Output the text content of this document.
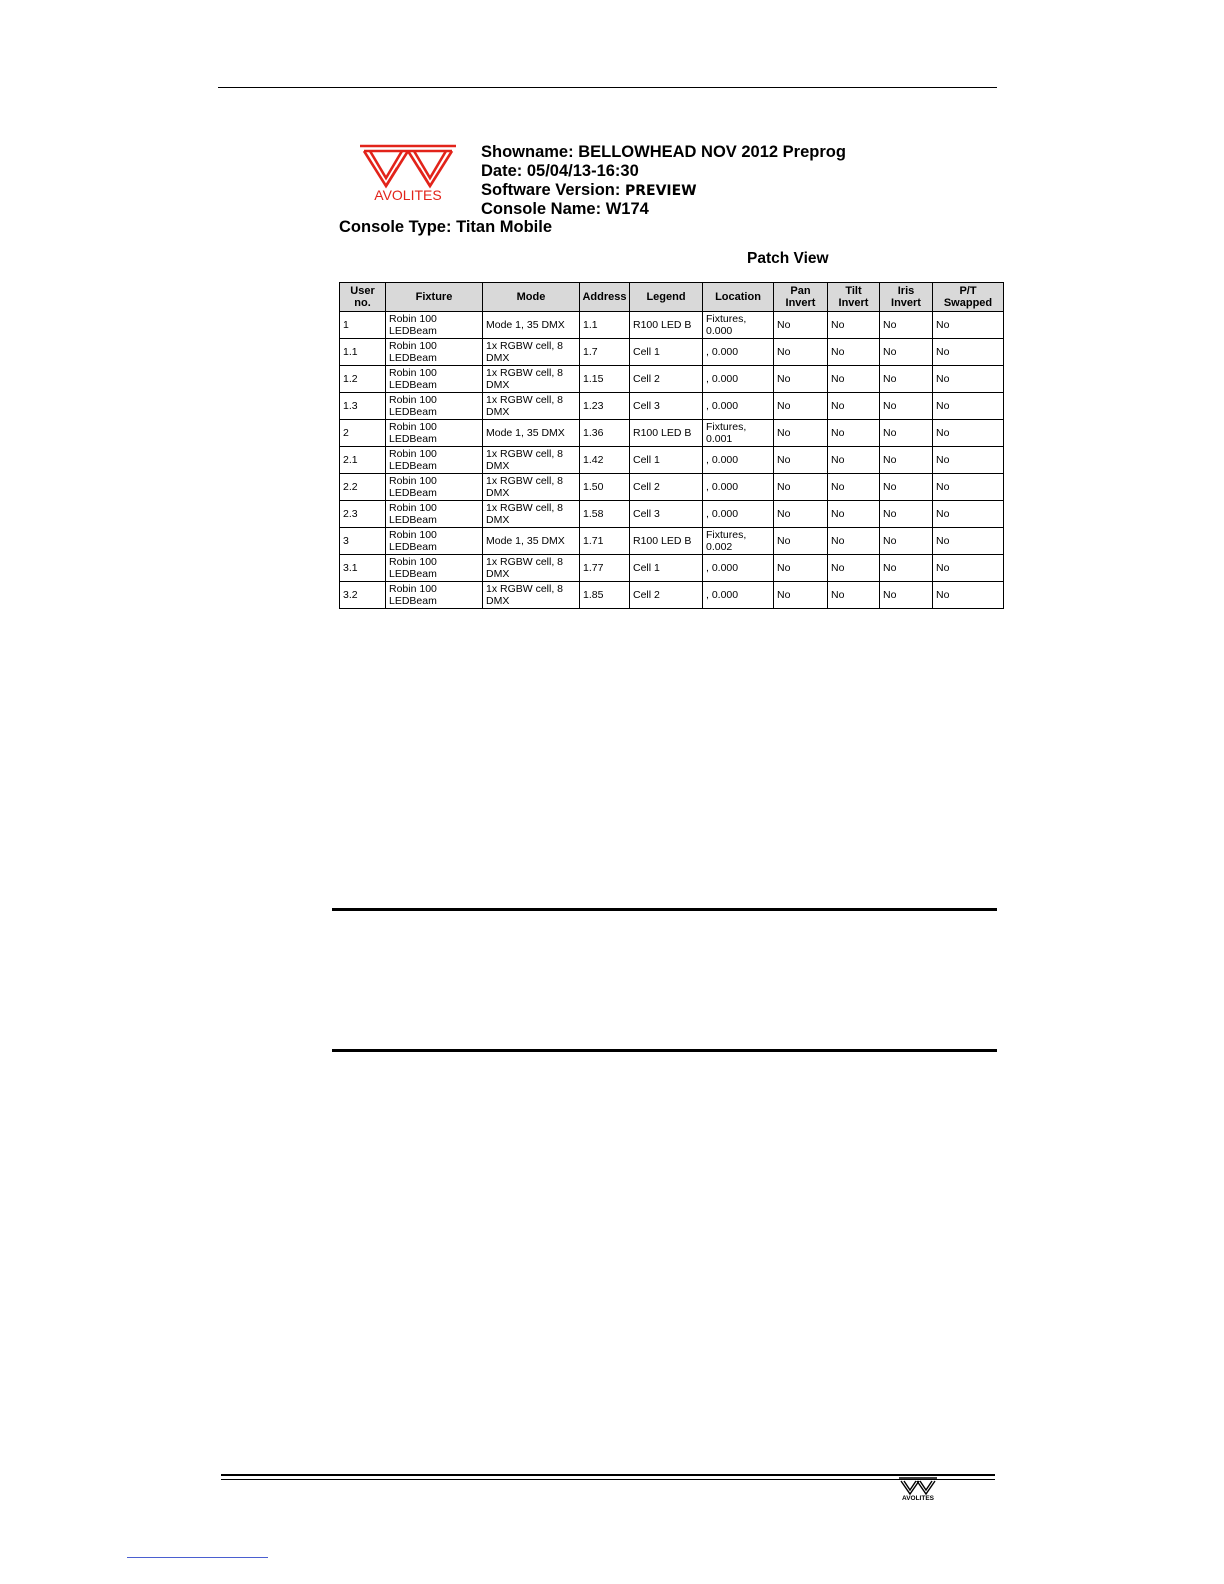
AVOLITES
Showname: BELLOWHEAD NOV 2012 Preprog
Date: 05/04/13-16:30
Software Version: PREVIEW
Console Name: W174
Console Type: Titan Mobile
Patch View
User no.	Fixture	Mode	Address	Legend	Location	Pan Invert	Tilt Invert	Iris Invert	P/T Swapped
1	Robin 100 LEDBeam	Mode 1, 35 DMX	1.1	R100 LED B	Fixtures, 0.000	No	No	No	No
1.1	Robin 100 LEDBeam	1x RGBW cell, 8 DMX	1.7	Cell 1	, 0.000	No	No	No	No
1.2	Robin 100 LEDBeam	1x RGBW cell, 8 DMX	1.15	Cell 2	, 0.000	No	No	No	No
1.3	Robin 100 LEDBeam	1x RGBW cell, 8 DMX	1.23	Cell 3	, 0.000	No	No	No	No
2	Robin 100 LEDBeam	Mode 1, 35 DMX	1.36	R100 LED B	Fixtures, 0.001	No	No	No	No
2.1	Robin 100 LEDBeam	1x RGBW cell, 8 DMX	1.42	Cell 1	, 0.000	No	No	No	No
2.2	Robin 100 LEDBeam	1x RGBW cell, 8 DMX	1.50	Cell 2	, 0.000	No	No	No	No
2.3	Robin 100 LEDBeam	1x RGBW cell, 8 DMX	1.58	Cell 3	, 0.000	No	No	No	No
3	Robin 100 LEDBeam	Mode 1, 35 DMX	1.71	R100 LED B	Fixtures, 0.002	No	No	No	No
3.1	Robin 100 LEDBeam	1x RGBW cell, 8 DMX	1.77	Cell 1	, 0.000	No	No	No	No
3.2	Robin 100 LEDBeam	1x RGBW cell, 8 DMX	1.85	Cell 2	, 0.000	No	No	No	No
AVOLITES
